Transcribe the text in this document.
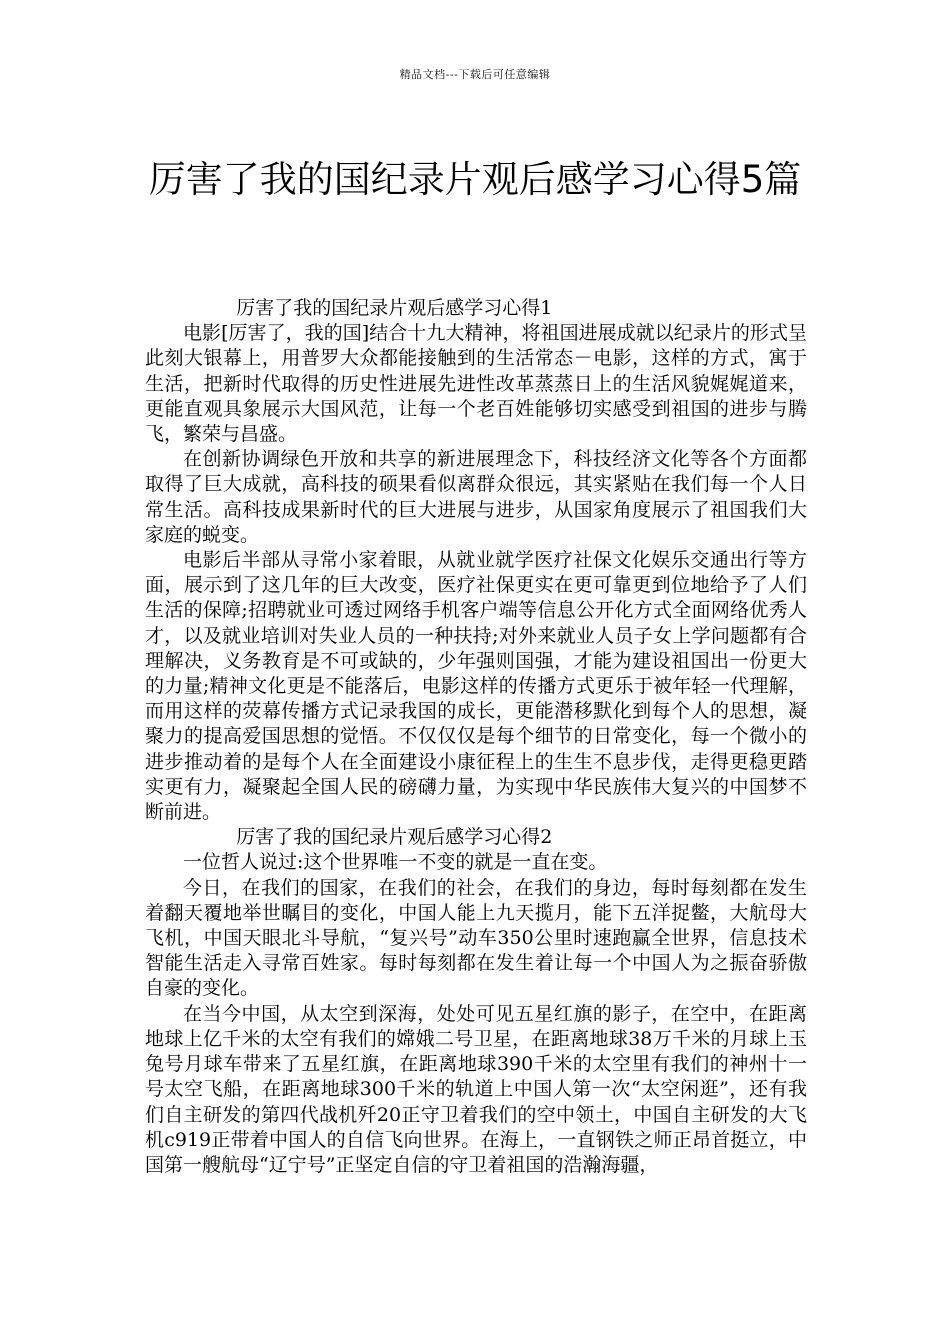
精品文档---下载后可任意编辑
厉害了我的国纪录片观后感学习心得5篇
厉害了我的国纪录片观后感学习心得1

电影[厉害了，我的国]结合十九大精神，将祖国进展成就以纪录片的形式呈此刻大银幕上，用普罗大众都能接触到的生活常态－电影，这样的方式，寓于生活，把新时代取得的历史性进展先进性改革蒸蒸日上的生活风貌娓娓道来，更能直观具象展示大国风范，让每一个老百姓能够切实感受到祖国的进步与腾飞，繁荣与昌盛。

在创新协调绿色开放和共享的新进展理念下，科技经济文化等各个方面都取得了巨大成就，高科技的硕果看似离群众很远，其实紧贴在我们每一个人日常生活。高科技成果新时代的巨大进展与进步，从国家角度展示了祖国我们大家庭的蜕变。

电影后半部从寻常小家着眼，从就业就学医疗社保文化娱乐交通出行等方面，展示到了这几年的巨大改变，医疗社保更实在更可靠更到位地给予了人们生活的保障;招聘就业可透过网络手机客户端等信息公开化方式全面网络优秀人才，以及就业培训对失业人员的一种扶持;对外来就业人员子女上学问题都有合理解决，义务教育是不可或缺的，少年强则国强，才能为建设祖国出一份更大的力量;精神文化更是不能落后，电影这样的传播方式更乐于被年轻一代理解，而用这样的荧幕传播方式记录我国的成长，更能潜移默化到每个人的思想，凝聚力的提高爱国思想的觉悟。不仅仅仅是每个细节的日常变化，每一个微小的进步推动着的是每个人在全面建设小康征程上的生生不息步伐，走得更稳更踏实更有力，凝聚起全国人民的磅礴力量，为实现中华民族伟大复兴的中国梦不断前进。

厉害了我的国纪录片观后感学习心得2

一位哲人说过:这个世界唯一不变的就是一直在变。

今日，在我们的国家，在我们的社会，在我们的身边，每时每刻都在发生着翻天覆地举世瞩目的变化，中国人能上九天揽月，能下五洋捉鳖，大航母大飞机，中国天眼北斗导航，“复兴号”动车350公里时速跑赢全世界，信息技术智能生活走入寻常百姓家。每时每刻都在发生着让每一个中国人为之振奋骄傲自豪的变化。

在当今中国，从太空到深海，处处可见五星红旗的影子，在空中，在距离地球上亿千米的太空有我们的嫦娥二号卫星，在距离地球38万千米的月球上玉兔号月球车带来了五星红旗，在距离地球390千米的太空里有我们的神州十一号太空飞船，在距离地球300千米的轨道上中国人第一次“太空闲逛”，还有我们自主研发的第四代战机歼20正守卫着我们的空中领土，中国自主研发的大飞机c919正带着中国人的自信飞向世界。在海上，一直钢铁之师正昂首挺立，中国第一艘航母“辽宁号”正坚定自信的守卫着祖国的浩瀚海疆，
